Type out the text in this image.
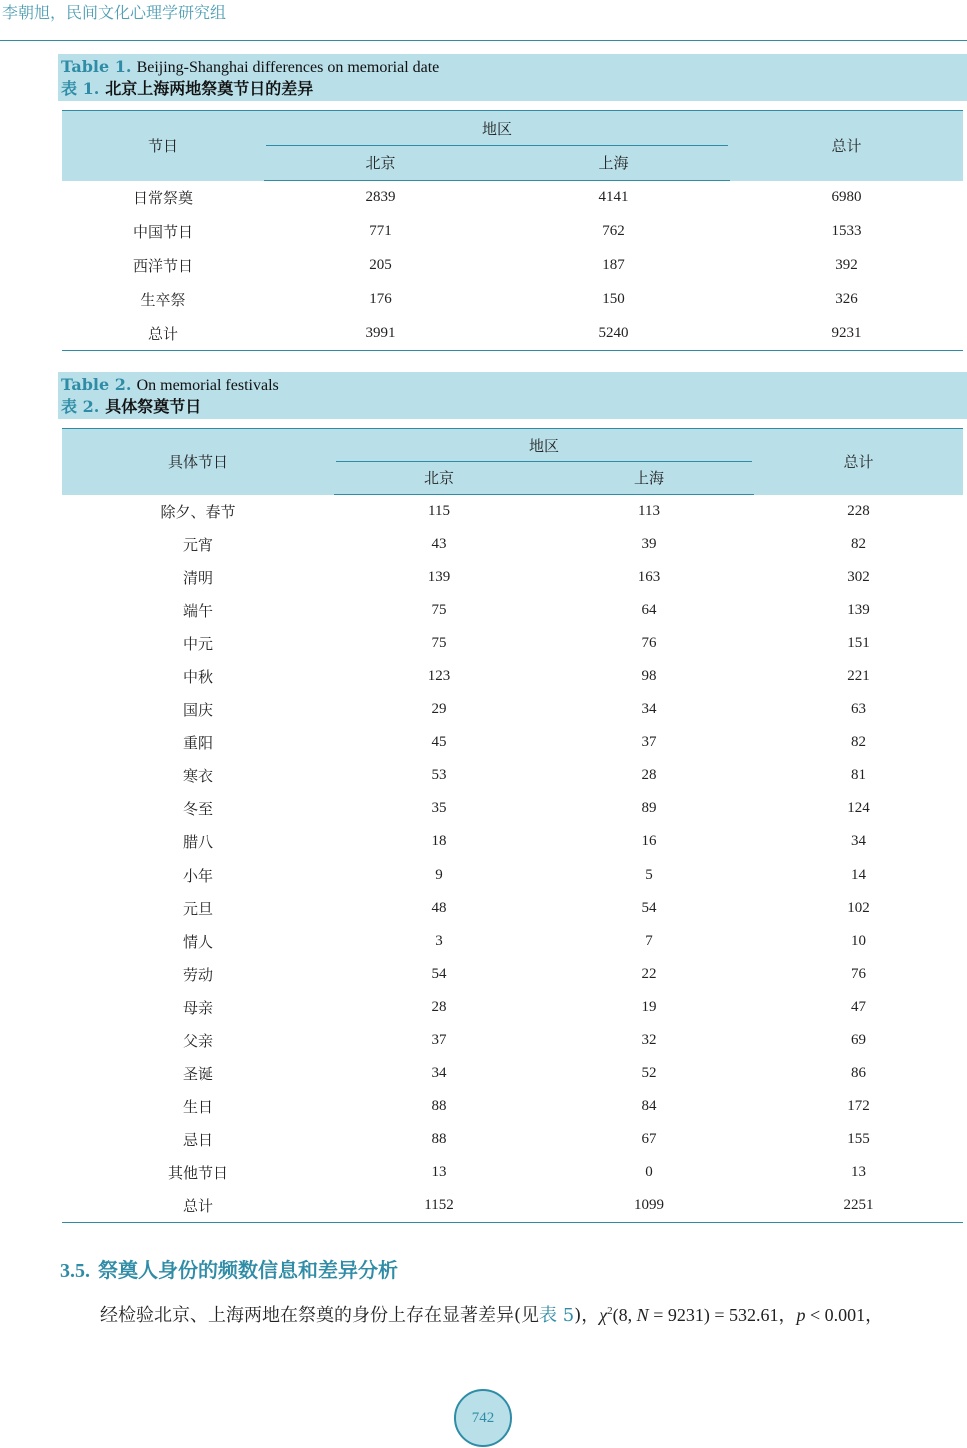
李朝旭，民间文化心理学研究组
Table 1. Beijing-Shanghai differences on memorial date
表 1. 北京上海两地祭奠节日的差异
节日	地区		总计
	北京	上海	
日常祭奠	2839	4141	6980
中国节日	771	762	1533
西洋节日	205	187	392
生卒祭	176	150	326
总计	3991	5240	9231
Table 2. On memorial festivals
表 2. 具体祭奠节日
具体节日	地区		总计
	北京	上海	
除夕、春节	115	113	228
元宵	43	39	82
清明	139	163	302
端午	75	64	139
中元	75	76	151
中秋	123	98	221
国庆	29	34	63
重阳	45	37	82
寒衣	53	28	81
冬至	35	89	124
腊八	18	16	34
小年	9	5	14
元旦	48	54	102
情人	3	7	10
劳动	54	22	76
母亲	28	19	47
父亲	37	32	69
圣诞	34	52	86
生日	88	84	172
忌日	88	67	155
其他节日	13	0	13
总计	1152	1099	2251
3.5. 祭奠人身份的频数信息和差异分析

经检验北京、上海两地在祭奠的身份上存在显著差异(见表 5)，$\chi^2(8$, N = 9231) = 532.61，p < 0.001，

742
